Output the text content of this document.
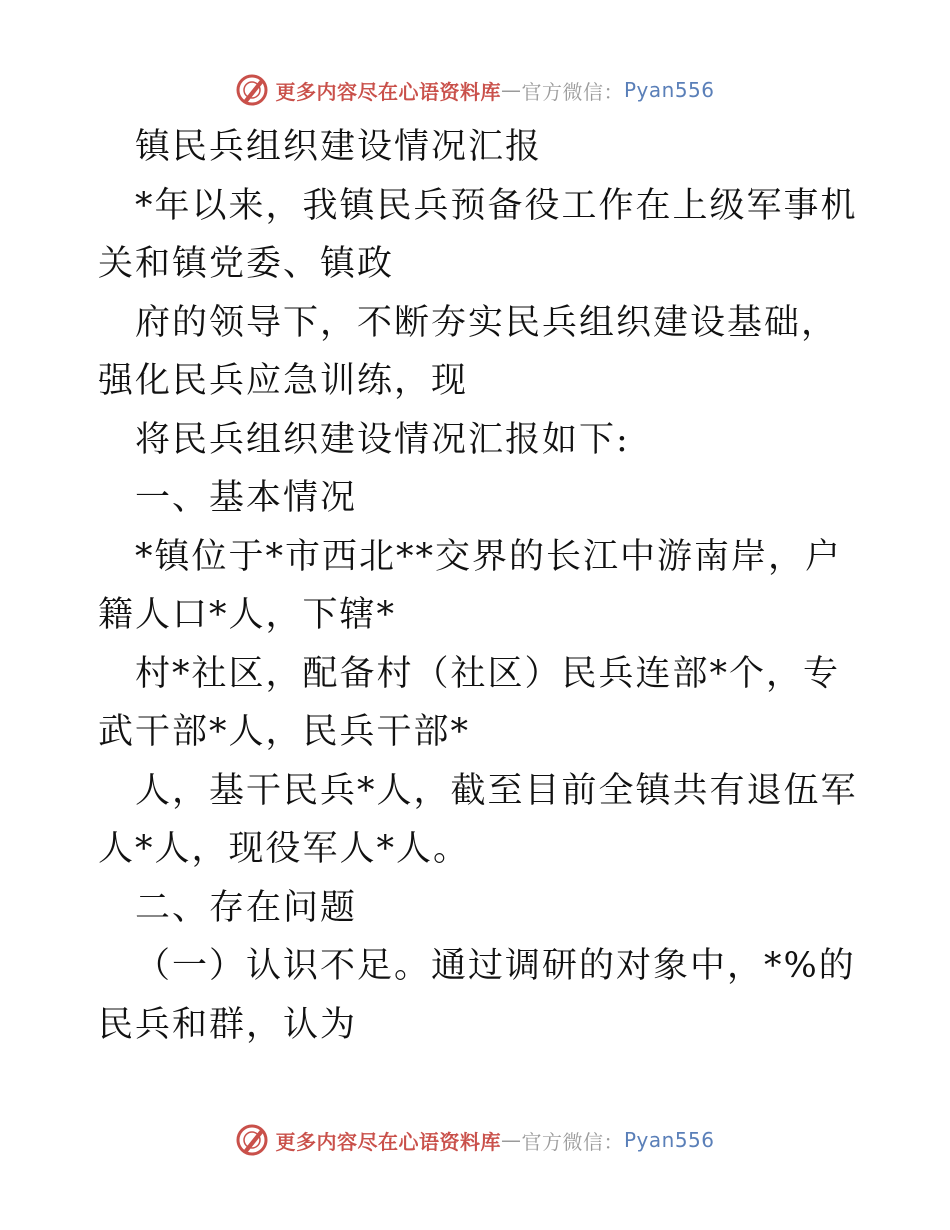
更多内容尽在心语资料库 — 官方微信： Pyan556

镇民兵组织建设情况汇报

*年以来，我镇民兵预备役工作在上级军事机关和镇党委、镇政

府的领导下，不断夯实民兵组织建设基础，强化民兵应急训练，现

将民兵组织建设情况汇报如下:

一、基本情况

*镇位于*市西北**交界的长江中游南岸，户籍人口*人，下辖*

村*社区，配备村（社区）民兵连部*个，专武干部*人，民兵干部*

人，基干民兵*人，截至目前全镇共有退伍军人*人，现役军人*人。

二、存在问题

（一）认识不足。通过调研的对象中，*%的民兵和群，认为

更多内容尽在心语资料库 — 官方微信： Pyan556
